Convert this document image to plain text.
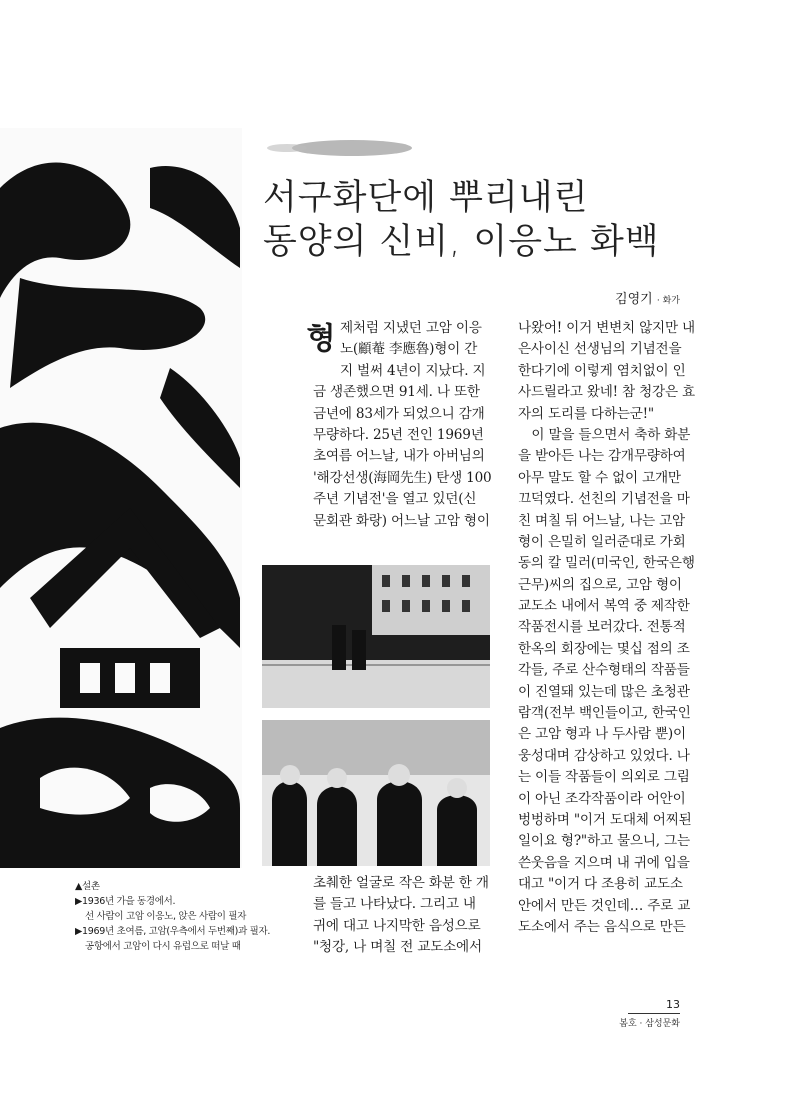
서구화단에 뿌리내린
동양의 신비, 이응노 화백
김영기 · 화가
형 제처럼 지냈던 고암 이응
노(顧菴 李應魯)형이 간
지 벌써 4년이 지났다. 지
금 생존했으면 91세. 나 또한
금년에 83세가 되었으니 감개
무량하다. 25년 전인 1969년
초여름 어느날, 내가 아버님의
'해강선생(海岡先生) 탄생 100
주년 기념전'을 열고 있던(신
문회관 화랑) 어느날 고암 형이
초췌한 얼굴로 작은 화분 한 개
를 들고 나타났다. 그리고 내
귀에 대고 나지막한 음성으로
"청강, 나 며칠 전 교도소에서
나왔어! 이거 변변치 않지만 내
은사이신 선생님의 기념전을
한다기에 이렇게 염치없이 인
사드릴라고 왔네! 참 청강은 효
자의 도리를 다하는군!"
　이 말을 들으면서 축하 화분
을 받아든 나는 감개무량하여
아무 말도 할 수 없이 고개만
끄덕였다. 선친의 기념전을 마
친 며칠 뒤 어느날, 나는 고암
형이 은밀히 일러준대로 가회
동의 칼 밀러(미국인, 한국은행
근무)씨의 집으로, 고암 형이
교도소 내에서 복역 중 제작한
작품전시를 보러갔다. 전통적
한옥의 회장에는 몇십 점의 조
각들, 주로 산수형태의 작품들
이 진열돼 있는데 많은 초청관
람객(전부 백인들이고, 한국인
은 고암 형과 나 두사람 뿐)이
웅성대며 감상하고 있었다. 나
는 이들 작품들이 의외로 그림
이 아닌 조각작품이라 어안이
벙벙하며 "이거 도대체 어찌된
일이요 형?"하고 물으니, 그는
쓴웃음을 지으며 내 귀에 입을
대고 "이거 다 조용히 교도소
안에서 만든 것인데… 주로 교
도소에서 주는 음식으로 만든
▲설촌
▶1936년 가을 동경에서.
선 사람이 고암 이응노, 앉은 사람이 필자
▶1969년 초여름, 고암(우측에서 두번째)과 필자.
공항에서 고암이 다시 유럽으로 떠날 때
13
봄호 · 삼성문화
